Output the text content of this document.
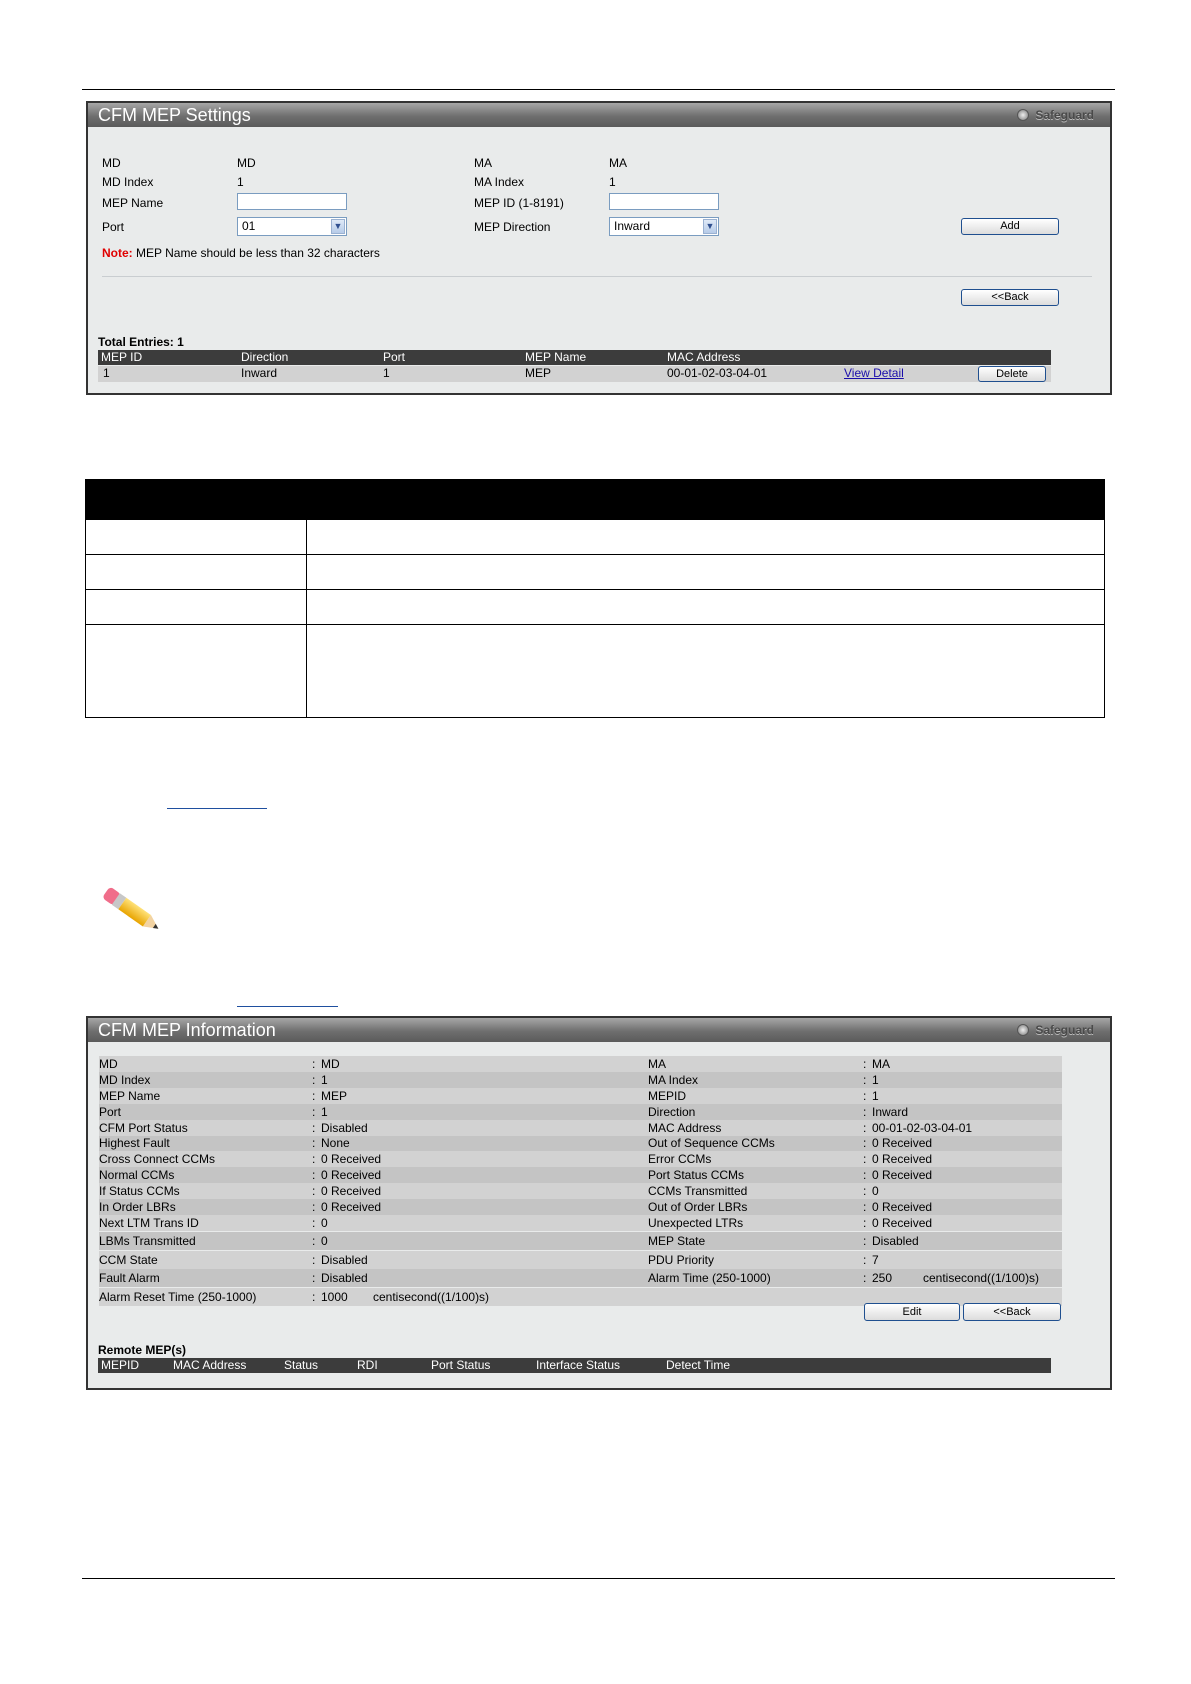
CFM MEP Settings	Safeguard
MD	MD	MA	MA
MD Index	1	MA Index	1
MEP Name	MEP ID (1-8191)
Port	01	▼	MEP Direction	Inward	▼	Add
Note: MEP Name should be less than 32 characters
<<Back
Total Entries: 1
MEP ID	Direction	Port	MEP Name	MAC Address
1	Inward	1	MEP	00-01-02-03-04-01	View Detail	Delete

CFM MEP Information	Safeguard
MD	: MD	MA	: MA
MD Index	: 1	MA Index	: 1
MEP Name	: MEP	MEPID	: 1
Port	: 1	Direction	: Inward
CFM Port Status	: Disabled	MAC Address	: 00-01-02-03-04-01
Highest Fault	: None	Out of Sequence CCMs	: 0 Received
Cross Connect CCMs	: 0 Received	Error CCMs	: 0 Received
Normal CCMs	: 0 Received	Port Status CCMs	: 0 Received
If Status CCMs	: 0 Received	CCMs Transmitted	: 0
In Order LBRs	: 0 Received	Out of Order LBRs	: 0 Received
Next LTM Trans ID	: 0	Unexpected LTRs	: 0 Received
LBMs Transmitted	: 0	MEP State	: Disabled
CCM State	: Disabled	PDU Priority	: 7
Fault Alarm	: Disabled	Alarm Time (250-1000)	: 250	centisecond((1/100)s)
Alarm Reset Time (250-1000)	: 1000 centisecond((1/100)s)
Edit	<<Back
Remote MEP(s)
MEPID	MAC Address	Status	RDI	Port Status	Interface Status	Detect Time
